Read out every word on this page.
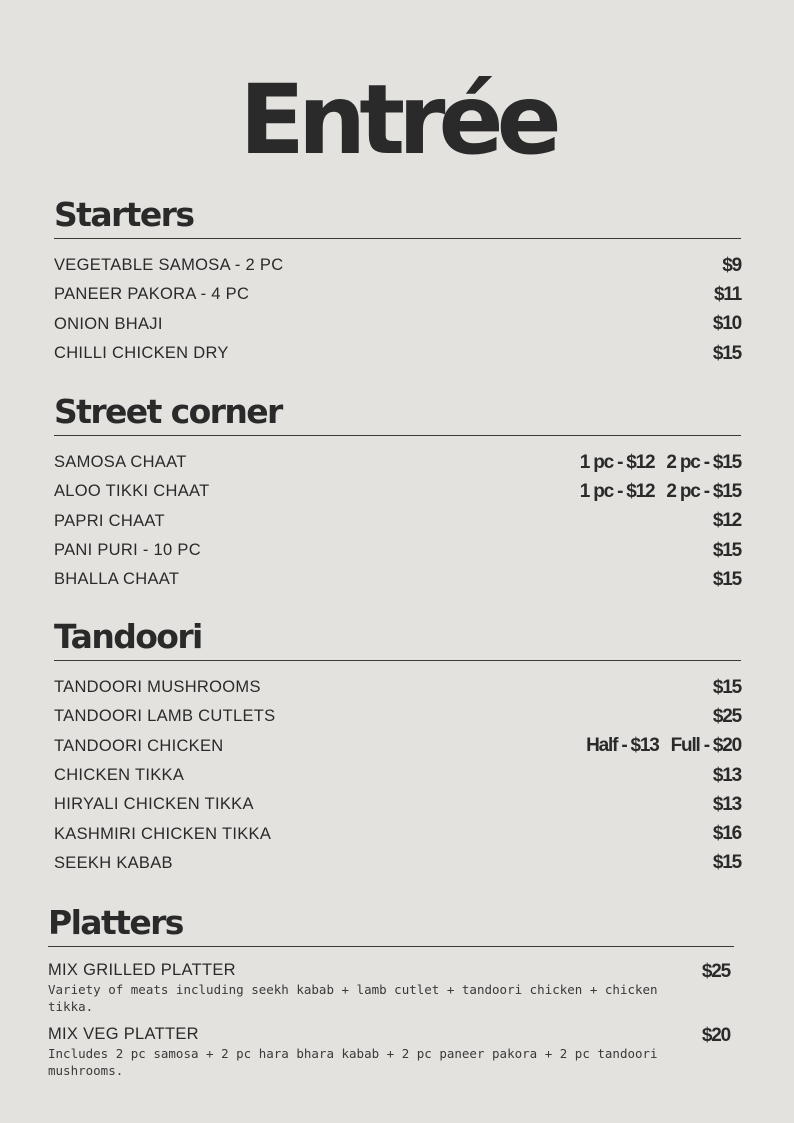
Entrée
Starters
VEGETABLE SAMOSA - 2 PC	$9
PANEER PAKORA - 4 PC	$11
ONION BHAJI	$10
CHILLI CHICKEN DRY	$15
Street corner
SAMOSA CHAAT	1 pc - $12 2 pc - $15
ALOO TIKKI CHAAT	1 pc - $12 2 pc - $15
PAPRI CHAAT	$12
PANI PURI - 10 PC	$15
BHALLA CHAAT	$15
Tandoori
TANDOORI MUSHROOMS	$15
TANDOORI LAMB CUTLETS	$25
TANDOORI CHICKEN	Half - $13 Full - $20
CHICKEN TIKKA	$13
HIRYALI CHICKEN TIKKA	$13
KASHMIRI CHICKEN TIKKA	$16
SEEKH KABAB	$15
Platters
MIX GRILLED PLATTER	$25
Variety of meats including seekh kabab + lamb cutlet + tandoori chicken + chicken tikka.
MIX VEG PLATTER	$20
Includes 2 pc samosa + 2 pc hara bhara kabab + 2 pc paneer pakora + 2 pc tandoori mushrooms.
